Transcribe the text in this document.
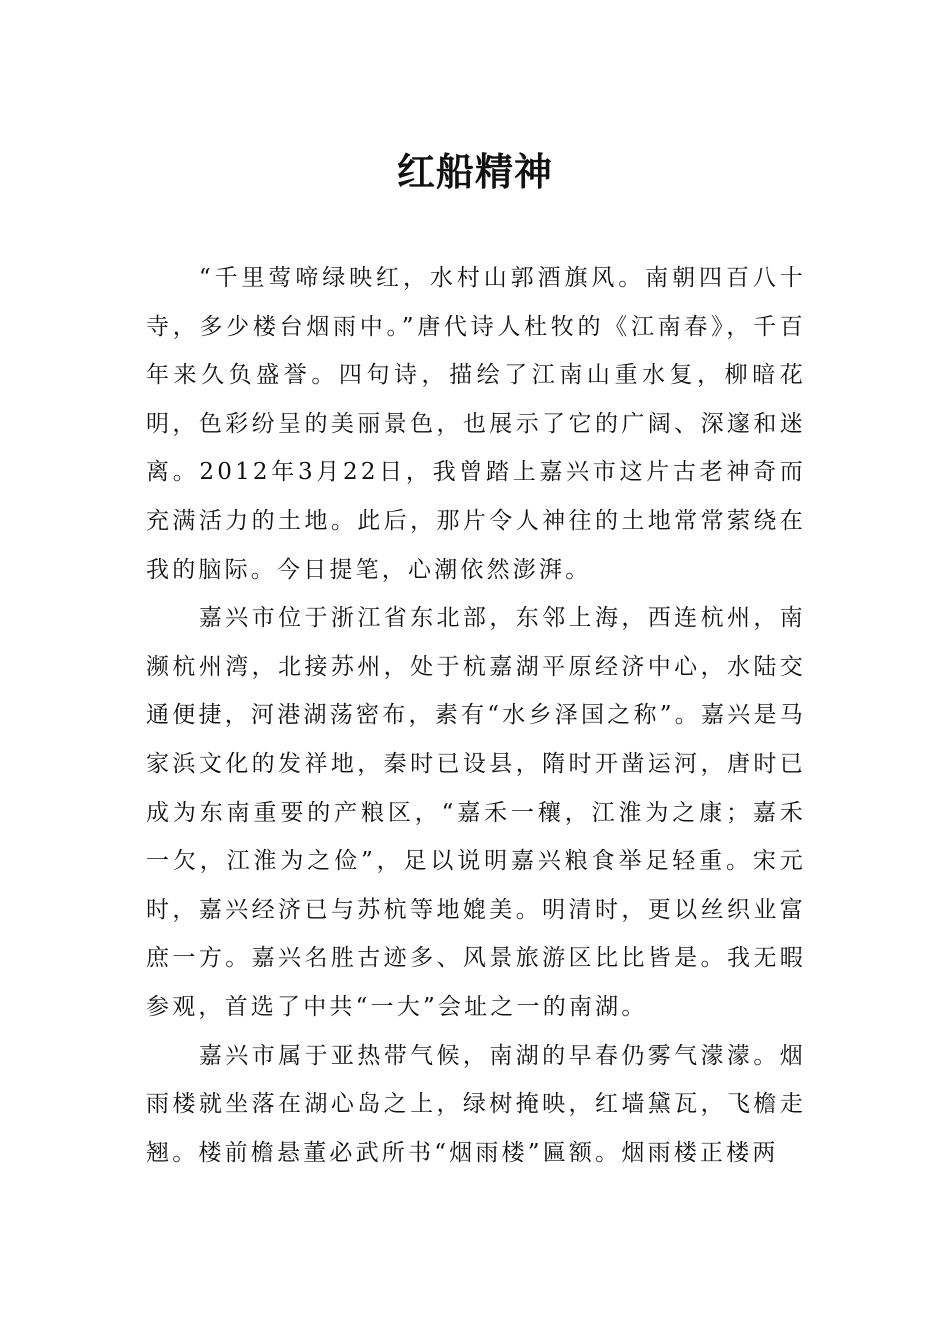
红船精神

“千里莺啼绿映红，水村山郭酒旗风。南朝四百八十寺，多少楼台烟雨中。”唐代诗人杜牧的《江南春》，千百年来久负盛誉。四句诗，描绘了江南山重水复，柳暗花明，色彩纷呈的美丽景色，也展示了它的广阔、深邃和迷离。2012年3月22日，我曾踏上嘉兴市这片古老神奇而充满活力的土地。此后，那片令人神往的土地常常萦绕在我的脑际。今日提笔，心潮依然澎湃。

嘉兴市位于浙江省东北部，东邻上海，西连杭州，南濒杭州湾，北接苏州，处于杭嘉湖平原经济中心，水陆交通便捷，河港湖荡密布，素有“水乡泽国之称”。嘉兴是马家浜文化的发祥地，秦时已设县，隋时开凿运河，唐时已成为东南重要的产粮区，“嘉禾一穰，江淮为之康；嘉禾一欠，江淮为之俭”，足以说明嘉兴粮食举足轻重。宋元时，嘉兴经济已与苏杭等地媲美。明清时，更以丝织业富庶一方。嘉兴名胜古迹多、风景旅游区比比皆是。我无暇参观，首选了中共“一大”会址之一的南湖。

嘉兴市属于亚热带气候，南湖的早春仍雾气濛濛。烟雨楼就坐落在湖心岛之上，绿树掩映，红墙黛瓦，飞檐走翘。楼前檐悬董必武所书“烟雨楼”匾额。烟雨楼正楼两
